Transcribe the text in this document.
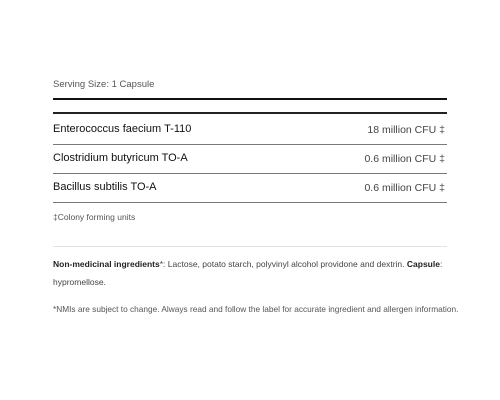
Serving Size: 1 Capsule
Enterococcus faecium T-110	18 million CFU ‡
Clostridium butyricum TO-A	0.6 million CFU ‡
Bacillus subtilis TO-A	0.6 million CFU ‡
‡Colony forming units
Non-medicinal ingredients*: Lactose, potato starch, polyvinyl alcohol providone and dextrin. Capsule:
hypromellose.
*NMIs are subject to change. Always read and follow the label for accurate ingredient and allergen information.
